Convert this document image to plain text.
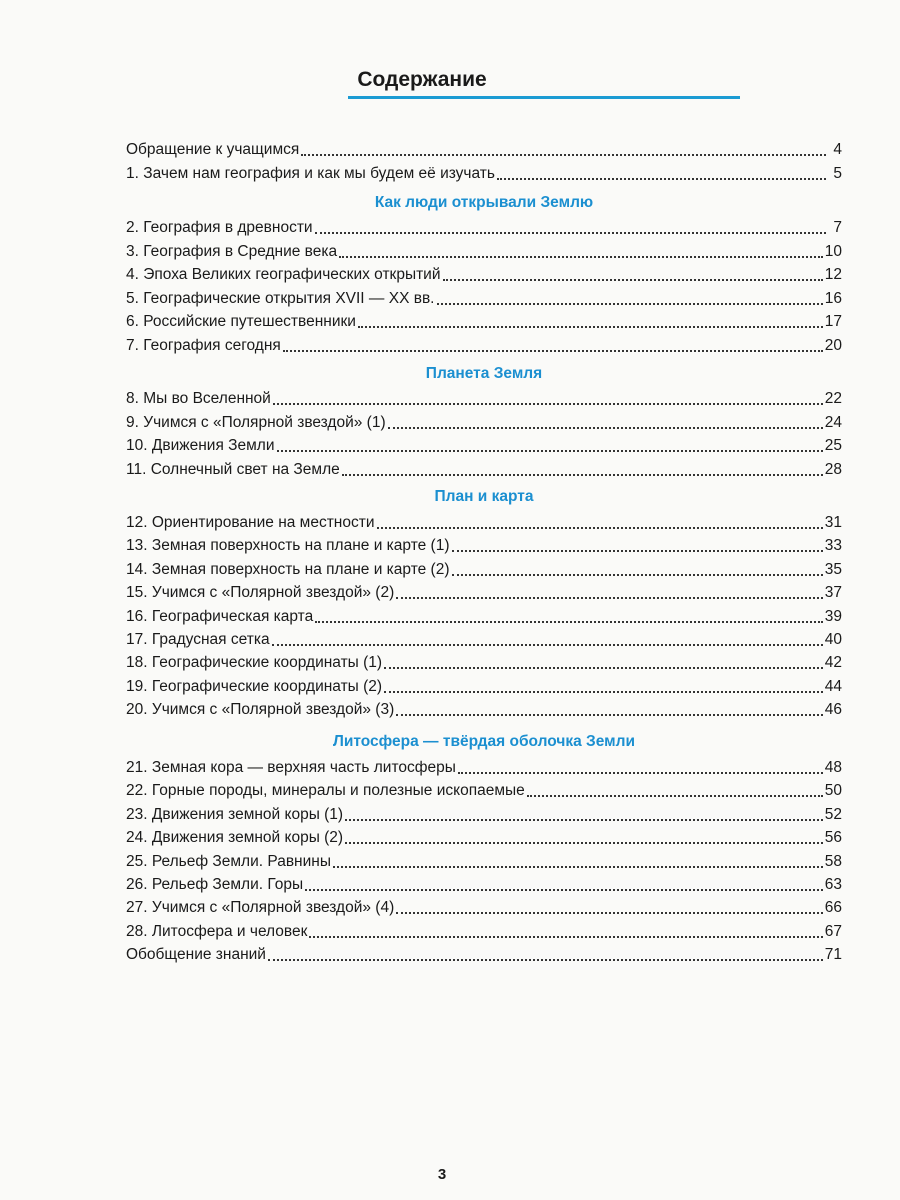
Содержание
Обращение к учащимся	4
1. Зачем нам география и как мы будем её изучать	5
Как люди открывали Землю
2. География в древности	7
3. География в Средние века	10
4. Эпоха Великих географических открытий	12
5. Географические открытия XVII — XX вв.	16
6. Российские путешественники	17
7. География сегодня	20
Планета Земля
8. Мы во Вселенной	22
9. Учимся с «Полярной звездой» (1)	24
10. Движения Земли	25
11. Солнечный свет на Земле	28
План и карта
12. Ориентирование на местности	31
13. Земная поверхность на плане и карте (1)	33
14. Земная поверхность на плане и карте (2)	35
15. Учимся с «Полярной звездой» (2)	37
16. Географическая карта	39
17. Градусная сетка	40
18. Географические координаты (1)	42
19. Географические координаты (2)	44
20. Учимся с «Полярной звездой» (3)	46
Литосфера — твёрдая оболочка Земли
21. Земная кора — верхняя часть литосферы	48
22. Горные породы, минералы и полезные ископаемые	50
23. Движения земной коры (1)	52
24. Движения земной коры (2)	56
25. Рельеф Земли. Равнины	58
26. Рельеф Земли. Горы	63
27. Учимся с «Полярной звездой» (4)	66
28. Литосфера и человек	67
Обобщение знаний	71
3
